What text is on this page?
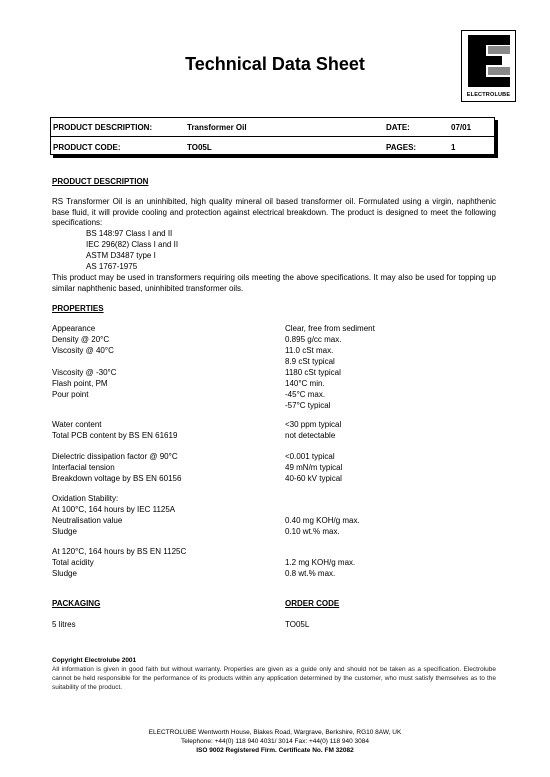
Technical Data Sheet
ELECTROLUBE
PRODUCT DESCRIPTION:	Transformer Oil	DATE:	07/01
PRODUCT CODE:	TO05L	PAGES:	1
PRODUCT DESCRIPTION
RS Transformer Oil is an uninhibited, high quality mineral oil based transformer oil. Formulated using a virgin, naphthenic base fluid, it will provide cooling and protection against electrical breakdown. The product is designed to meet the following specifications:
BS 148:97 Class I and II
IEC 296(82) Class I and II
ASTM D3487 type I
AS 1767-1975
This product may be used in transformers requiring oils meeting the above specifications. It may also be used for topping up similar naphthenic based, uninhibited transformer oils.
PROPERTIES
Appearance	Clear, free from sediment
Density @ 20°C	0.895 g/cc max.
Viscosity @ 40°C	11.0 cSt max.
8.9 cSt typical
Viscosity @ -30°C	1180 cSt typical
Flash point, PM	140°C min.
Pour point	-45°C max.
-57°C typical
Water content	<30 ppm typical
Total PCB content by BS EN 61619	not detectable
Dielectric dissipation factor @ 90°C	<0.001 typical
Interfacial tension	49 mN/m typical
Breakdown voltage by BS EN 60156	40-60 kV typical
Oxidation Stability:
At 100°C, 164 hours by IEC 1125A
Neutralisation value	0.40 mg KOH/g max.
Sludge	0.10 wt.% max.
At 120°C, 164 hours by BS EN 1125C
Total acidity	1.2 mg KOH/g max.
Sludge	0.8 wt.% max.
PACKAGING	ORDER CODE
5 litres	TO05L
Copyright Electrolube 2001
All information is given in good faith but without warranty. Properties are given as a guide only and should not be taken as a specification. Electrolube cannot be held responsible for the performance of its products within any application determined by the customer, who must satisfy themselves as to the suitability of the product.
ELECTROLUBE Wentworth House, Blakes Road, Wargrave, Berkshire, RG10 8AW, UK
Telephone: +44(0) 118 940 4031/ 3014 Fax: +44(0) 118 940 3084
ISO 9002 Registered Firm. Certificate No. FM 32082
